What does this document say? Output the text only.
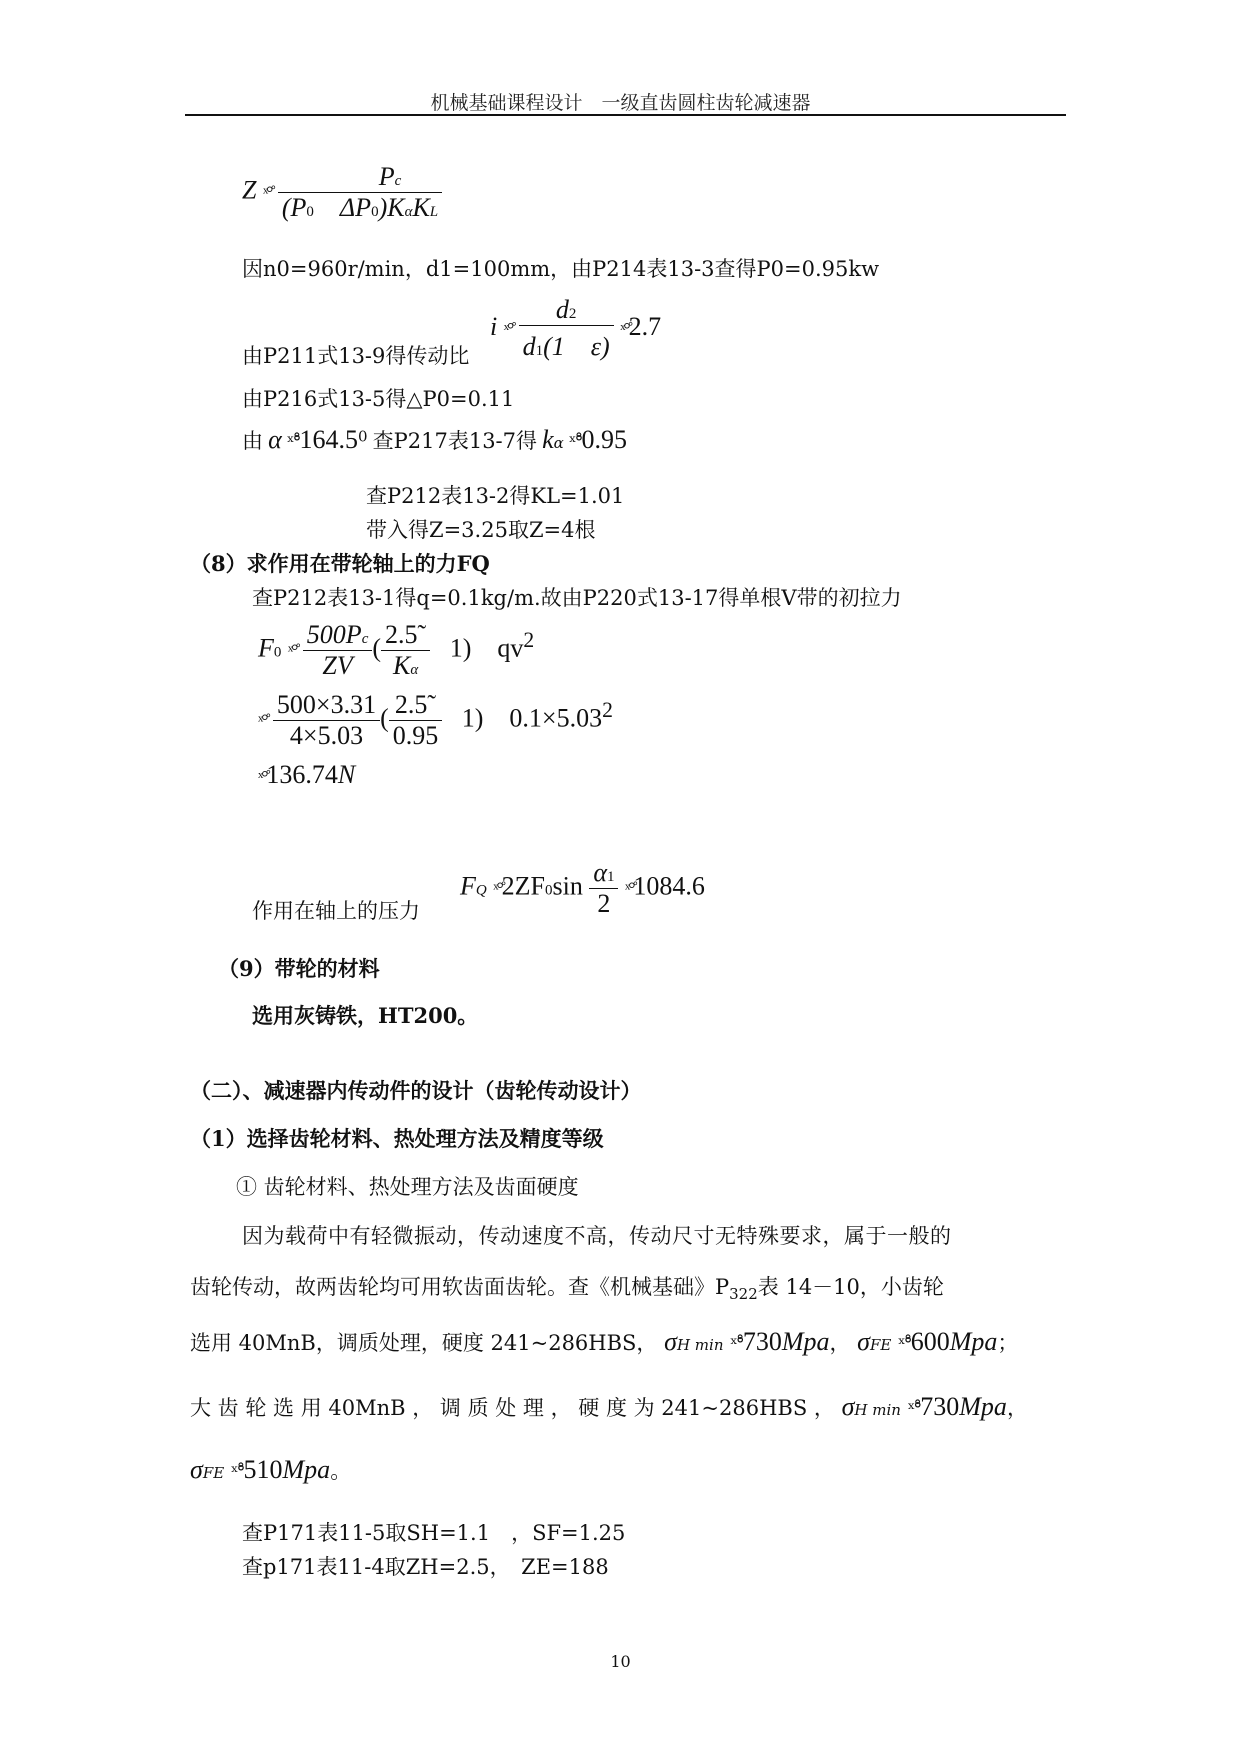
机械基础课程设计　一级直齿圆柱齿轮减速器
Z ˣ°̊ $\frac{Pc}{\text{(P0 ΔP0)KαKL}}$
因n0=960r/min，d1=100mm，由P214表13-3查得P0=0.95kw
i ˣ°̊ $\frac{d2}{d1(1 \varepsilon)}$ ˣ°̊2.7
由P211式13-9得传动比
由P216式13-5得△P0=0.11
由 α ˣ°̊164.5$^0$ 查P217表13-7得 kα ˣ°̊0.95
查P212表13-2得KL=1.01
带入得Z=3.25取Z=4根
（8）求作用在带轮轴上的力FQ
查P212表13-1得q=0.1kg/m.故由P220式13-17得单根V带的初拉力
F0 ˣ°̊ $\frac{500Pc}{ZV}$ ( $\frac{2.5˜}{K\alpha} 1$)　$qv^2$
ˣ°̊ $\frac{500\times 3.31}{4\times 5.03}$ ( $\frac{2.5˜}{0.95} 1$)　$0.1\times 5.03^2$
ˣ°̊136.74N
FQ ˣ°̊2ZF0sin $\frac{\alpha 1}{2}$ ˣ°̊1084.6
作用在轴上的压力
（9）带轮的材料
选用灰铸铁，HT200。
（二）、减速器内传动件的设计（齿轮传动设计）
（1）选择齿轮材料、热处理方法及精度等级
① 齿轮材料、热处理方法及齿面硬度
因为载荷中有轻微振动，传动速度不高，传动尺寸无特殊要求，属于一般的
齿轮传动，故两齿轮均可用软齿面齿轮。查《机械基础》$P_{322}$表 14－10，小齿轮
选用 40MnB，调质处理，硬度 241~286HBS， σH min ˣ°̊730Mpa， σFE ˣ°̊600Mpa；
大 齿 轮 选 用 40MnB ， 调 质 处 理 ， 硬 度 为 241~286HBS ， σH min ˣ°̊730Mpa，
σFE ˣ°̊510Mpa。
查P171表11-5取SH=1.1　，SF=1.25
查p171表11-4取ZH=2.5，　ZE=188
10
